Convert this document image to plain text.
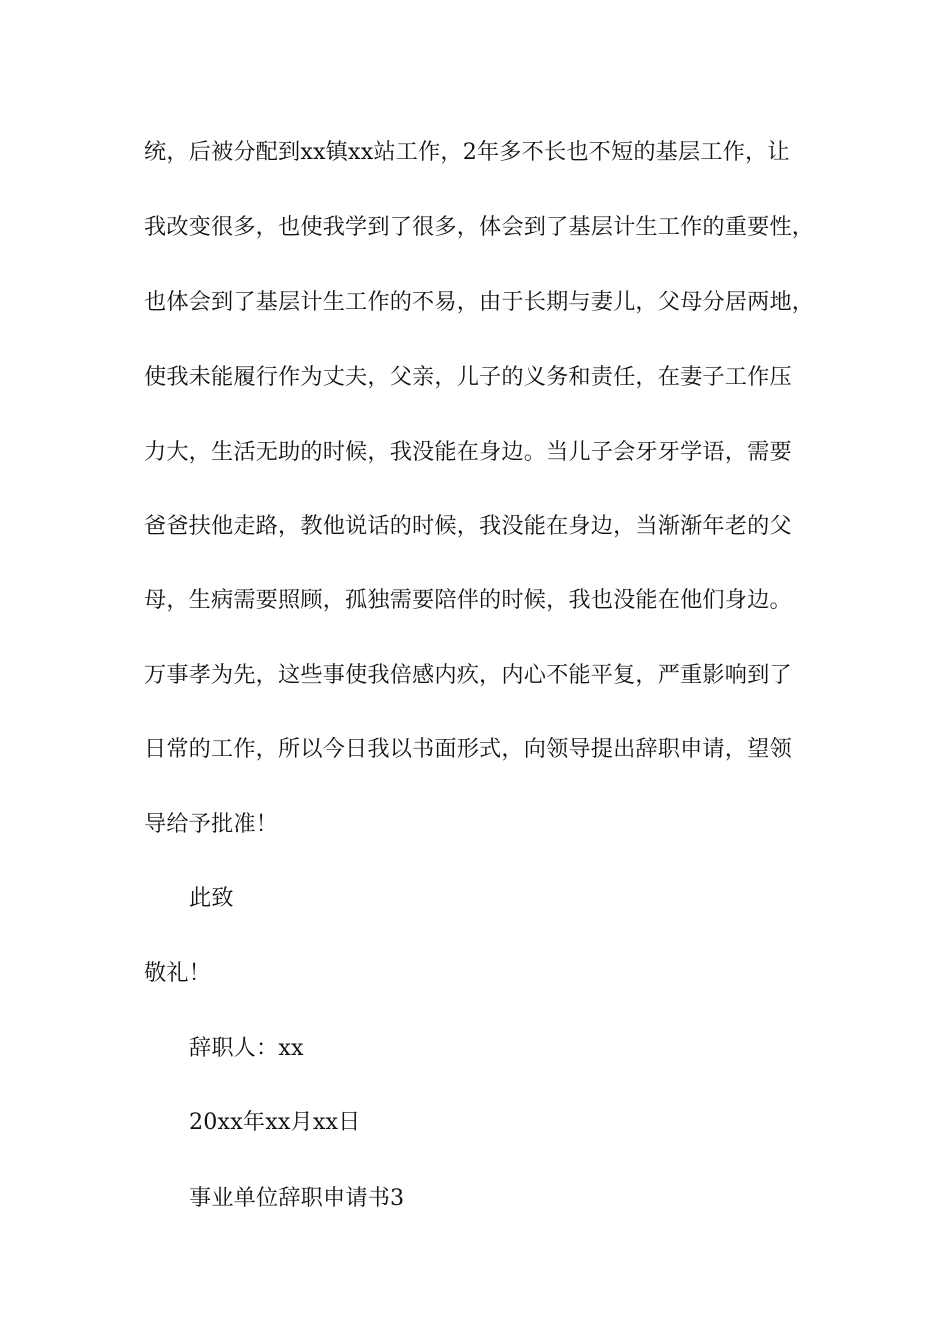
统，后被分配到xx镇xx站工作，2年多不长也不短的基层工作，让
我改变很多，也使我学到了很多，体会到了基层计生工作的重要性，
也体会到了基层计生工作的不易，由于长期与妻儿，父母分居两地，
使我未能履行作为丈夫，父亲，儿子的义务和责任，在妻子工作压
力大，生活无助的时候，我没能在身边。当儿子会牙牙学语，需要
爸爸扶他走路，教他说话的时候，我没能在身边，当渐渐年老的父
母，生病需要照顾，孤独需要陪伴的时候，我也没能在他们身边。
万事孝为先，这些事使我倍感内疚，内心不能平复，严重影响到了
日常的工作，所以今日我以书面形式，向领导提出辞职申请，望领
导给予批准！
此致
敬礼！
辞职人：xx
20xx年xx月xx日
事业单位辞职申请书3
